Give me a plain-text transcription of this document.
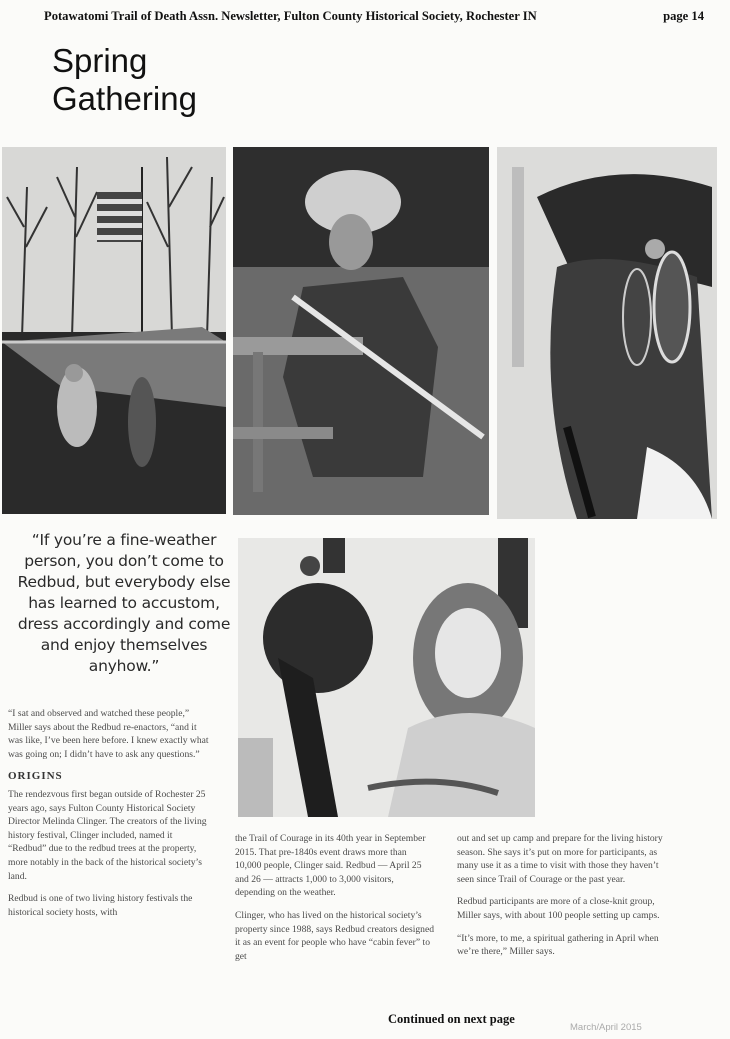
Potawatomi Trail of Death Assn. Newsletter, Fulton County Historical Society, Rochester IN	page 14
Spring
Gathering
“If you’re a fine-weather person, you don’t come to Redbud, but everybody else has learned to accustom, dress accordingly and come and enjoy themselves anyhow.”

“I sat and observed and watched these people,” Miller says about the Redbud re-enactors, “and it was like, I’ve been here before. I knew exactly what was going on; I didn’t have to ask any questions.”

ORIGINS

The rendezvous first began outside of Rochester 25 years ago, says Fulton County Historical Society Director Melinda Clinger. The creators of the living history festival, Clinger included, named it “Redbud” due to the redbud trees at the property, more notably in the back of the historical society’s land.

Redbud is one of two living history festivals the historical society hosts, with

the Trail of Courage in its 40th year in September 2015. That pre-1840s event draws more than 10,000 people, Clinger said. Redbud — April 25 and 26 — attracts 1,000 to 3,000 visitors, depending on the weather.

Clinger, who has lived on the historical society’s property since 1988, says Redbud creators designed it as an event for people who have “cabin fever” to get

out and set up camp and prepare for the living history season. She says it’s put on more for participants, as many use it as a time to visit with those they haven’t seen since Trail of Courage or the past year.

Redbud participants are more of a close-knit group, Miller says, with about 100 people setting up camps.

“It’s more, to me, a spiritual gathering in April when we’re there,” Miller says.

Continued on next page
March/April 2015
